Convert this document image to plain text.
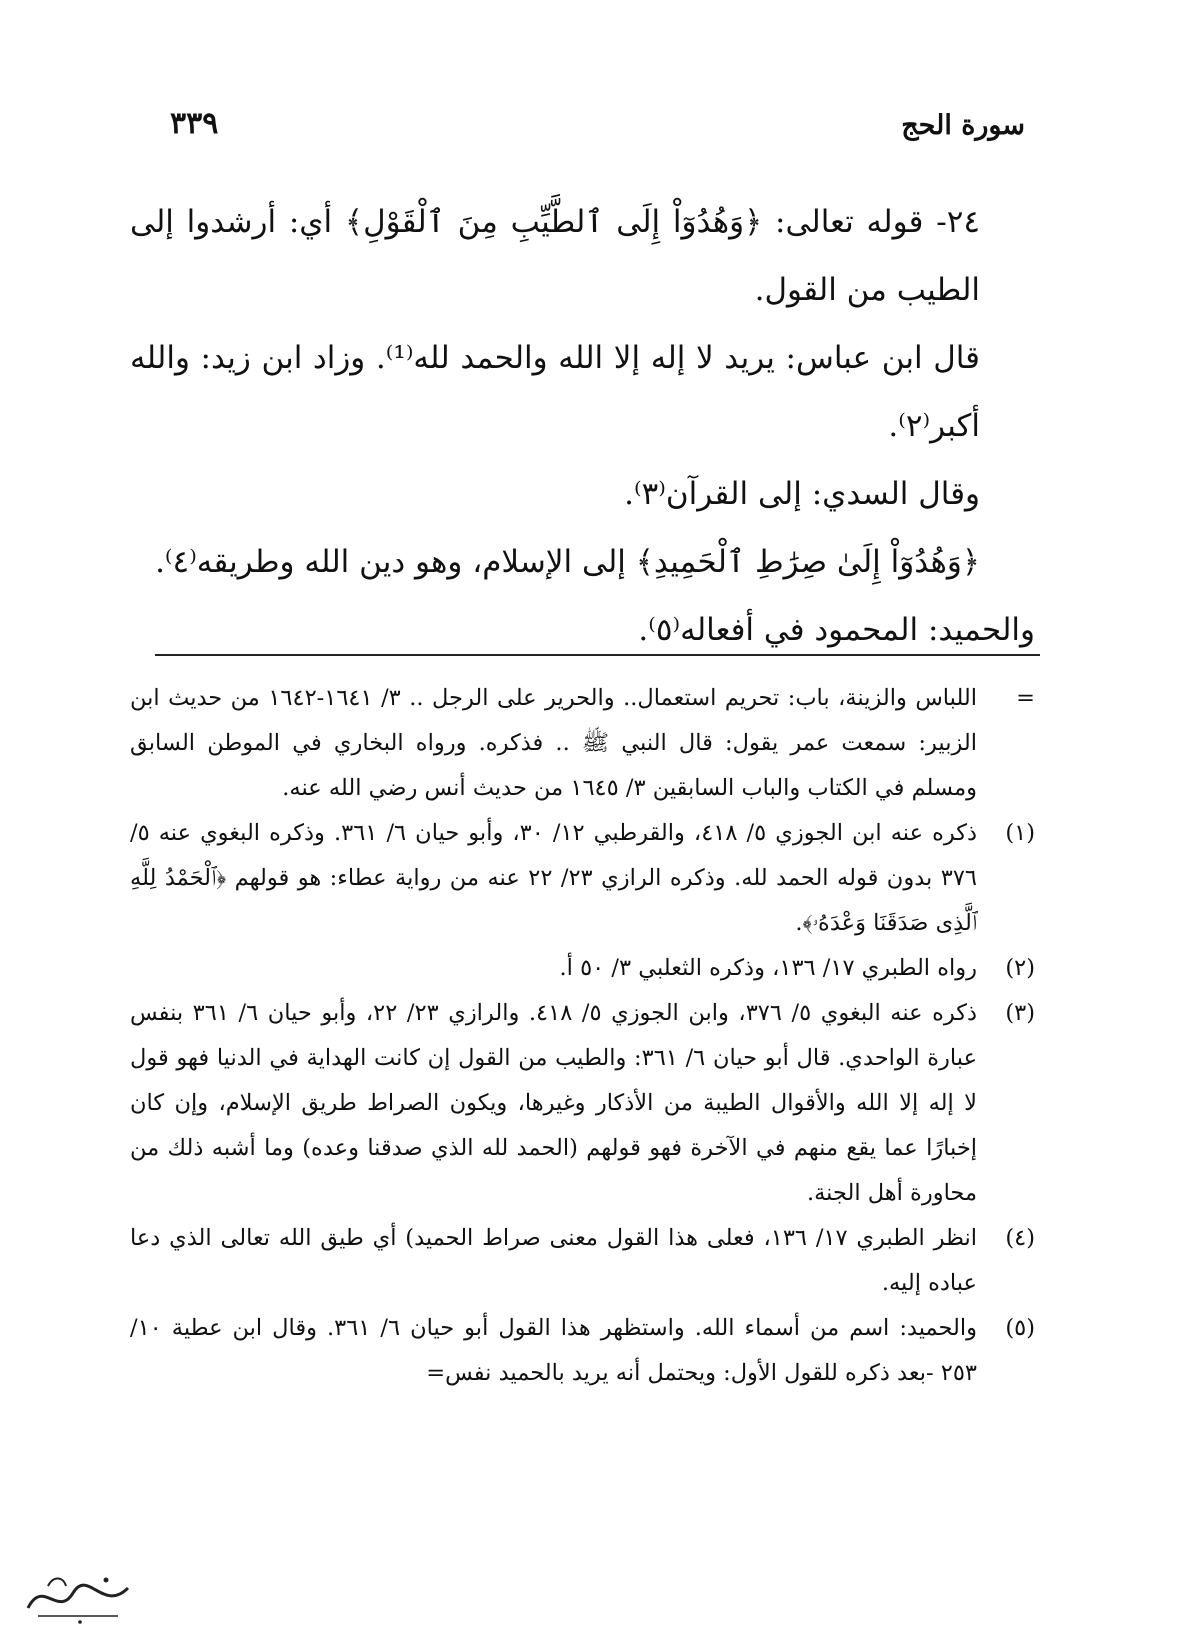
سورة الحج
٣٣٩

٢٤- قوله تعالى: ﴿وَهُدُوٓاْ إِلَى ٱلطَّيِّبِ مِنَ ٱلْقَوْلِ﴾ أي: أرشدوا إلى الطيب من القول.

قال ابن عباس: يريد لا إله إلا الله والحمد لله⁽¹⁾. وزاد ابن زيد: والله أكبر⁽٢⁾.

وقال السدي: إلى القرآن⁽٣⁾.

﴿وَهُدُوٓاْ إِلَىٰ صِرَٰطِ ٱلْحَمِيدِ﴾ إلى الإسلام، وهو دين الله وطريقه⁽٤⁾.

والحميد: المحمود في أفعاله⁽٥⁾.

=
اللباس والزينة، باب: تحريم استعمال.. والحرير على الرجل .. ٣/ ١٦٤١-١٦٤٢ من حديث ابن الزبير: سمعت عمر يقول: قال النبي ﷺ .. فذكره. ورواه البخاري في الموطن السابق ومسلم في الكتاب والباب السابقين ٣/ ١٦٤٥ من حديث أنس رضي الله عنه.
(١)
ذكره عنه ابن الجوزي ٥/ ٤١٨، والقرطبي ١٢/ ٣٠، وأبو حيان ٦/ ٣٦١. وذكره البغوي عنه ٥/ ٣٧٦ بدون قوله الحمد لله. وذكره الرازي ٢٣/ ٢٢ عنه من رواية عطاء: هو قولهم ﴿ٱلْحَمْدُ لِلَّهِ ٱلَّذِى صَدَقَنَا وَعْدَهُۥ﴾.
(٢)
رواه الطبري ١٧/ ١٣٦، وذكره الثعلبي ٣/ ٥٠ أ.
(٣)
ذكره عنه البغوي ٥/ ٣٧٦، وابن الجوزي ٥/ ٤١٨. والرازي ٢٣/ ٢٢، وأبو حيان ٦/ ٣٦١ بنفس عبارة الواحدي. قال أبو حيان ٦/ ٣٦١: والطيب من القول إن كانت الهداية في الدنيا فهو قول لا إله إلا الله والأقوال الطيبة من الأذكار وغيرها، ويكون الصراط طريق الإسلام، وإن كان إخبارًا عما يقع منهم في الآخرة فهو قولهم (الحمد لله الذي صدقنا وعده) وما أشبه ذلك من محاورة أهل الجنة.
(٤)
انظر الطبري ١٧/ ١٣٦، فعلى هذا القول معنى صراط الحميد) أي طيق الله تعالى الذي دعا عباده إليه.
(٥)
والحميد: اسم من أسماء الله. واستظهر هذا القول أبو حيان ٦/ ٣٦١. وقال ابن عطية ١٠/ ٢٥٣ -بعد ذكره للقول الأول: ويحتمل أنه يريد بالحميد نفس=
